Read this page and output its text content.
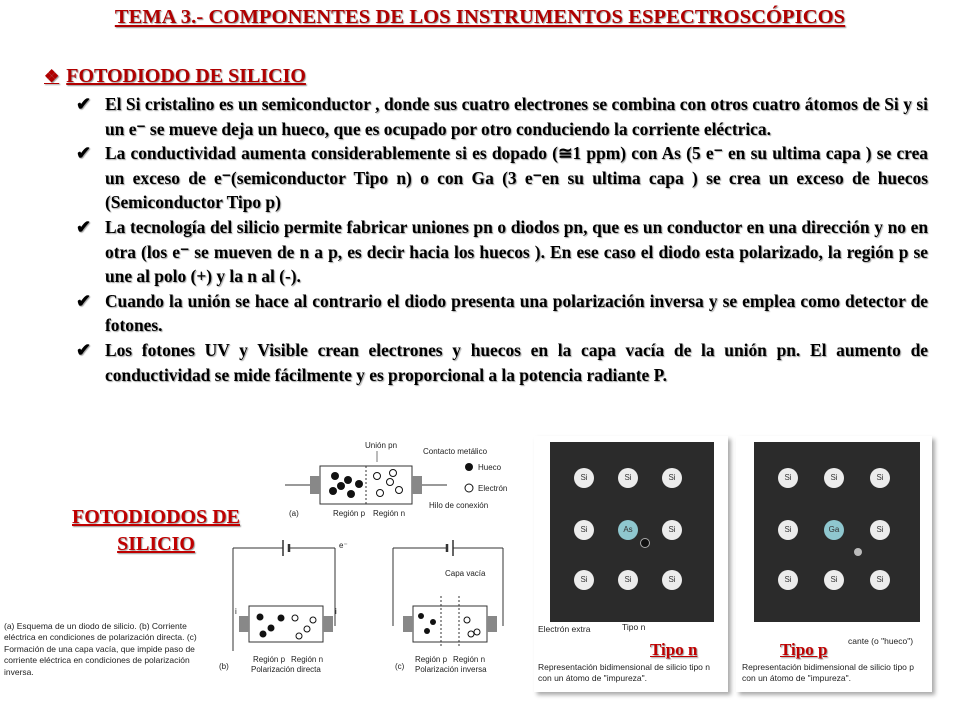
TEMA 3.- COMPONENTES DE LOS INSTRUMENTOS ESPECTROSCÓPICOS
❖ FOTODIODO DE SILICIO
✔ El Si cristalino es un semiconductor , donde sus cuatro electrones se combina con otros cuatro átomos de Si y si un e⁻ se mueve deja un hueco, que es ocupado por otro conduciendo la corriente eléctrica.
✔ La conductividad aumenta considerablemente si es dopado (≅1 ppm) con As (5 e⁻ en su ultima capa ) se crea un exceso de e⁻(semiconductor Tipo n) o con Ga (3 e⁻en su ultima capa ) se crea un exceso de huecos (Semiconductor Tipo p)
✔ La tecnología del silicio permite fabricar uniones pn o diodos pn, que es un conductor en una dirección y no en otra (los e⁻ se mueven de n a p, es decir hacia los huecos ). En ese caso el diodo esta polarizado, la región p se une al polo (+) y la n al (-).
✔ Cuando la unión se hace al contrario el diodo presenta una polarización inversa y se emplea como detector de fotones.
✔ Los fotones UV y Visible crean electrones y huecos en la capa vacía de la unión pn. El aumento de conductividad se mide fácilmente y es proporcional a la potencia radiante P.
FOTODIODOS DE SILICIO
Unión pn
Contacto metálico
Hueco
Electrón
(a)	Región p Región n
Hilo de conexión
e⁻
i	i
(b)
Región p Región n
Polarización directa
Capa vacía
(c)
Región p Región n
Polarización inversa
(a) Esquema de un diodo de silicio. (b) Corriente eléctrica en condiciones de polarización directa. (c) Formación de una capa vacía, que impide paso de corriente eléctrica en condiciones de polarización inversa.
Si	Si	Si
Si	As	Si
Si	Si	Si
Electrón extra	Tipo n
Tipo n
Representación bidimensional de silicio tipo n con un átomo de "impureza".
Si	Si	Si
Si	Ga	Si
Si	Si	Si
Tipo p cante (o "hueco")
Representación bidimensional de silicio tipo p con un átomo de "impureza".
